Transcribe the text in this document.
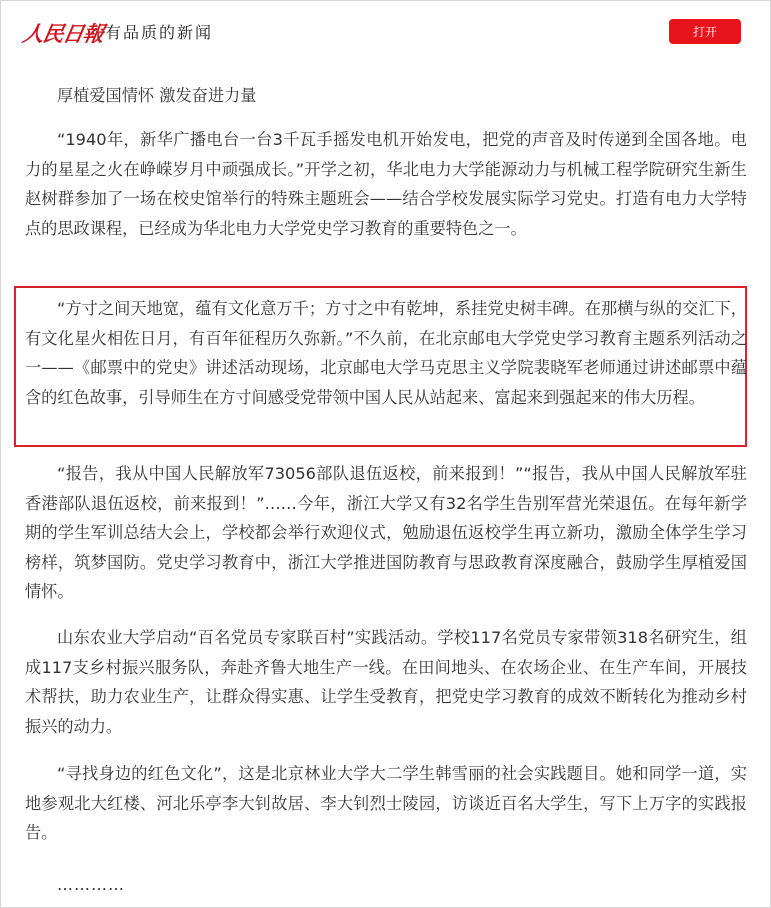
人民日報 有品质的新闻	打开
厚植爱国情怀 激发奋进力量

“1940年，新华广播电台一台3千瓦手摇发电机开始发电，把党的声音及时传递到全国各地。电力的星星之火在峥嵘岁月中顽强成长。”开学之初，华北电力大学能源动力与机械工程学院研究生新生赵树群参加了一场在校史馆举行的特殊主题班会——结合学校发展实际学习党史。打造有电力大学特点的思政课程，已经成为华北电力大学党史学习教育的重要特色之一。

“方寸之间天地宽，蕴有文化意万千；方寸之中有乾坤，系挂党史树丰碑。在那横与纵的交汇下，有文化星火相佐日月，有百年征程历久弥新。”不久前，在北京邮电大学党史学习教育主题系列活动之一——《邮票中的党史》讲述活动现场，北京邮电大学马克思主义学院裴晓军老师通过讲述邮票中蕴含的红色故事，引导师生在方寸间感受党带领中国人民从站起来、富起来到强起来的伟大历程。

“报告，我从中国人民解放军73056部队退伍返校，前来报到！”“报告，我从中国人民解放军驻香港部队退伍返校，前来报到！”……今年，浙江大学又有32名学生告别军营光荣退伍。在每年新学期的学生军训总结大会上，学校都会举行欢迎仪式，勉励退伍返校学生再立新功，激励全体学生学习榜样，筑梦国防。党史学习教育中，浙江大学推进国防教育与思政教育深度融合，鼓励学生厚植爱国情怀。

山东农业大学启动“百名党员专家联百村”实践活动。学校117名党员专家带领318名研究生，组成117支乡村振兴服务队，奔赴齐鲁大地生产一线。在田间地头、在农场企业、在生产车间，开展技术帮扶，助力农业生产，让群众得实惠、让学生受教育，把党史学习教育的成效不断转化为推动乡村振兴的动力。

“寻找身边的红色文化”，这是北京林业大学大二学生韩雪丽的社会实践题目。她和同学一道，实地参观北大红楼、河北乐亭李大钊故居、李大钊烈士陵园，访谈近百名大学生，写下上万字的实践报告。

…………
